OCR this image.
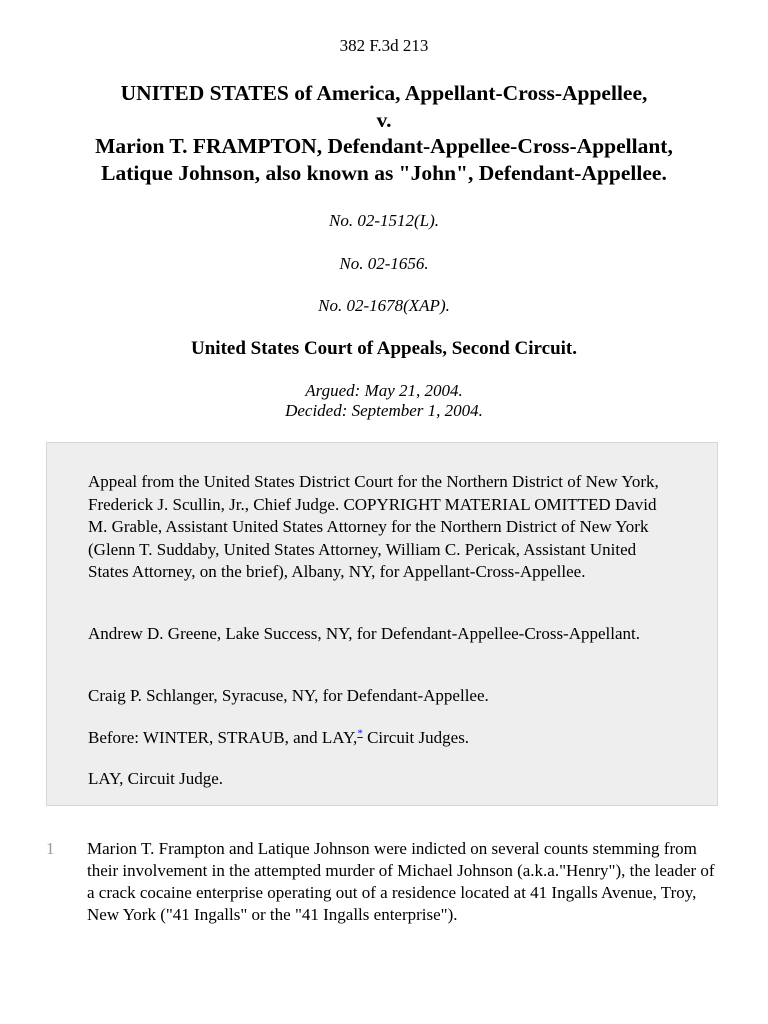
382 F.3d 213
UNITED STATES of America, Appellant-Cross-Appellee,
v.
Marion T. FRAMPTON, Defendant-Appellee-Cross-Appellant,
Latique Johnson, also known as "John", Defendant-Appellee.
No. 02-1512(L).
No. 02-1656.
No. 02-1678(XAP).
United States Court of Appeals, Second Circuit.
Argued: May 21, 2004.
Decided: September 1, 2004.

Appeal from the United States District Court for the Northern District of New York, Frederick J. Scullin, Jr., Chief Judge. COPYRIGHT MATERIAL OMITTED David M. Grable, Assistant United States Attorney for the Northern District of New York (Glenn T. Suddaby, United States Attorney, William C. Pericak, Assistant United States Attorney, on the brief), Albany, NY, for Appellant-Cross-Appellee.

Andrew D. Greene, Lake Success, NY, for Defendant-Appellee-Cross-Appellant.

Craig P. Schlanger, Syracuse, NY, for Defendant-Appellee.

Before: WINTER, STRAUB, and LAY,* Circuit Judges.

LAY, Circuit Judge.

1 Marion T. Frampton and Latique Johnson were indicted on several counts stemming from their involvement in the attempted murder of Michael Johnson (a.k.a."Henry"), the leader of a crack cocaine enterprise operating out of a residence located at 41 Ingalls Avenue, Troy, New York ("41 Ingalls" or the "41 Ingalls enterprise").
